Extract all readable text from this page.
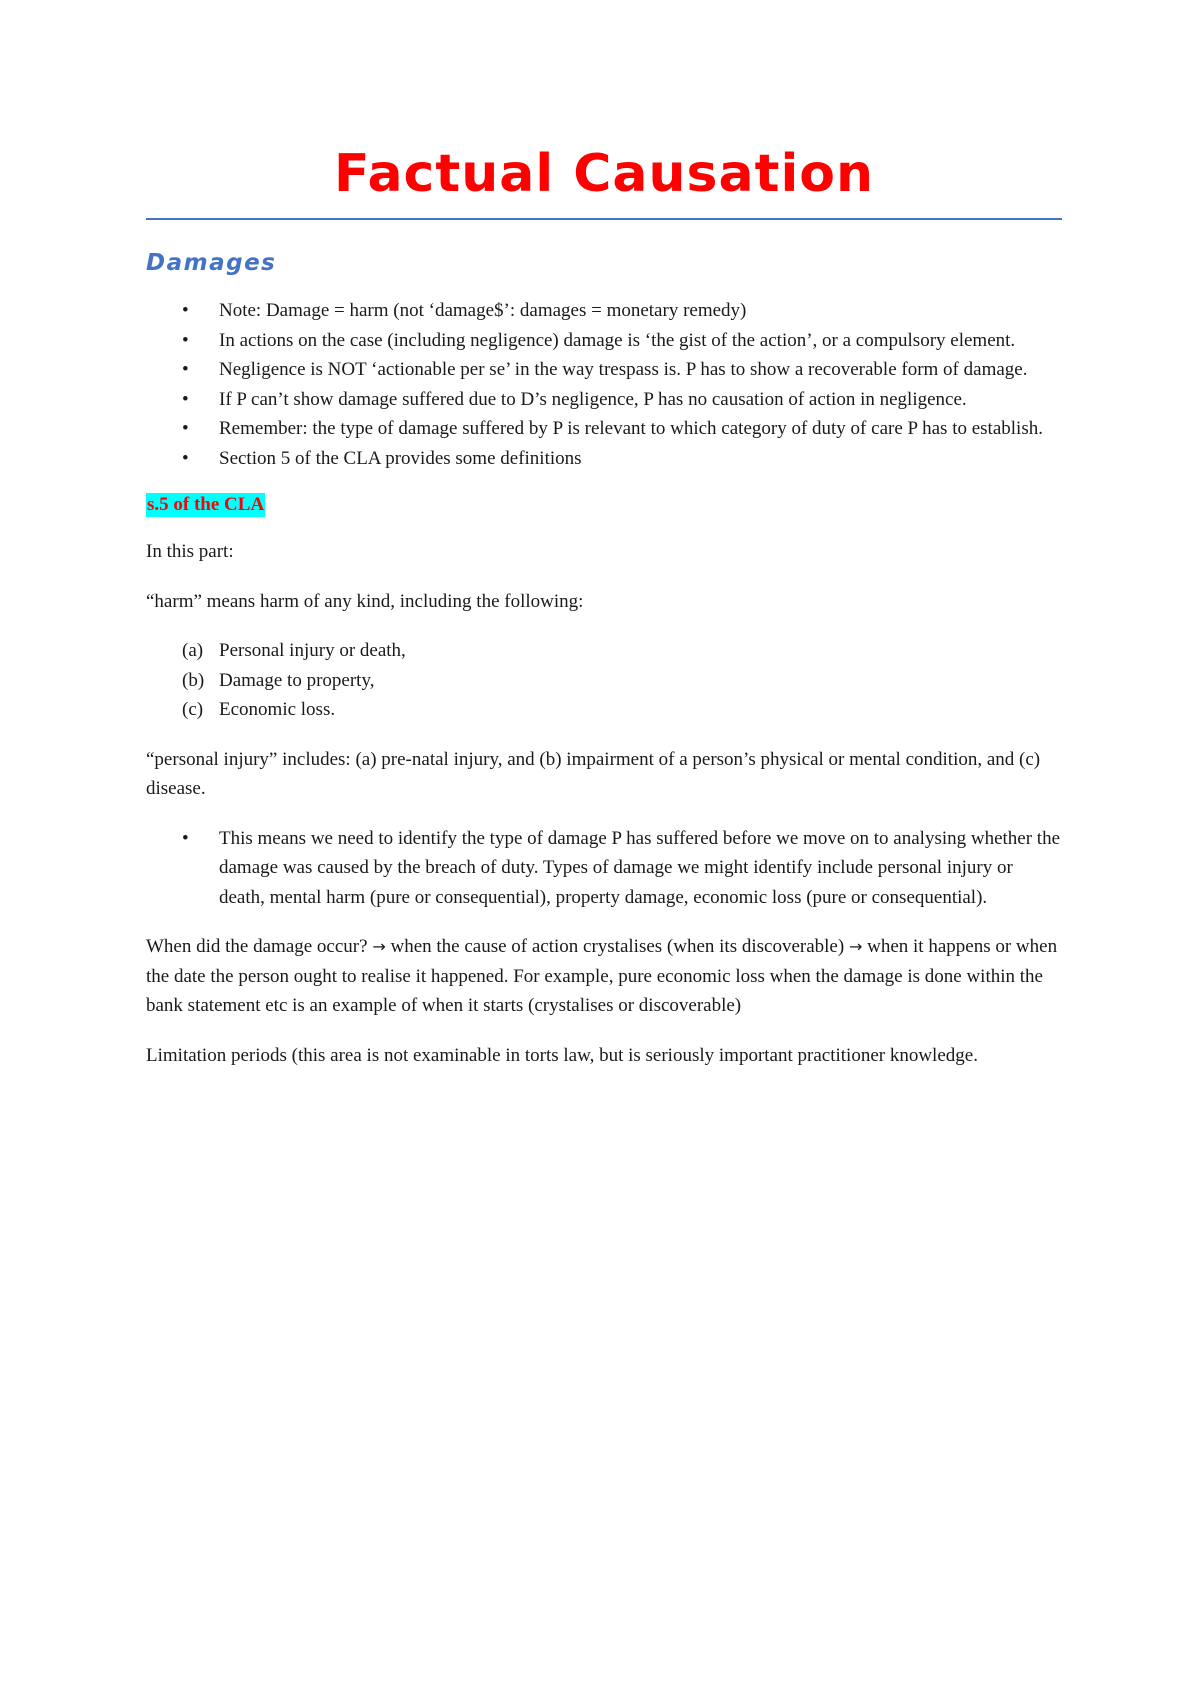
Factual Causation
Damages
• Note: Damage = harm (not ‘damage$’: damages = monetary remedy)
• In actions on the case (including negligence) damage is ‘the gist of the action’, or a compulsory element.
• Negligence is NOT ‘actionable per se’ in the way trespass is. P has to show a recoverable form of damage.
• If P can’t show damage suffered due to D’s negligence, P has no causation of action in negligence.
• Remember: the type of damage suffered by P is relevant to which category of duty of care P has to establish.
• Section 5 of the CLA provides some definitions
s.5 of the CLA

In this part:

“harm” means harm of any kind, including the following:

(a) Personal injury or death,
(b) Damage to property,
(c) Economic loss.

“personal injury” includes: (a) pre-natal injury, and (b) impairment of a person’s physical or mental condition, and (c) disease.

• This means we need to identify the type of damage P has suffered before we move on to analysing whether the damage was caused by the breach of duty. Types of damage we might identify include personal injury or death, mental harm (pure or consequential), property damage, economic loss (pure or consequential).

When did the damage occur? → when the cause of action crystalises (when its discoverable) → when it happens or when the date the person ought to realise it happened. For example, pure economic loss when the damage is done within the bank statement etc is an example of when it starts (crystalises or discoverable)

Limitation periods (this area is not examinable in torts law, but is seriously important practitioner knowledge.
